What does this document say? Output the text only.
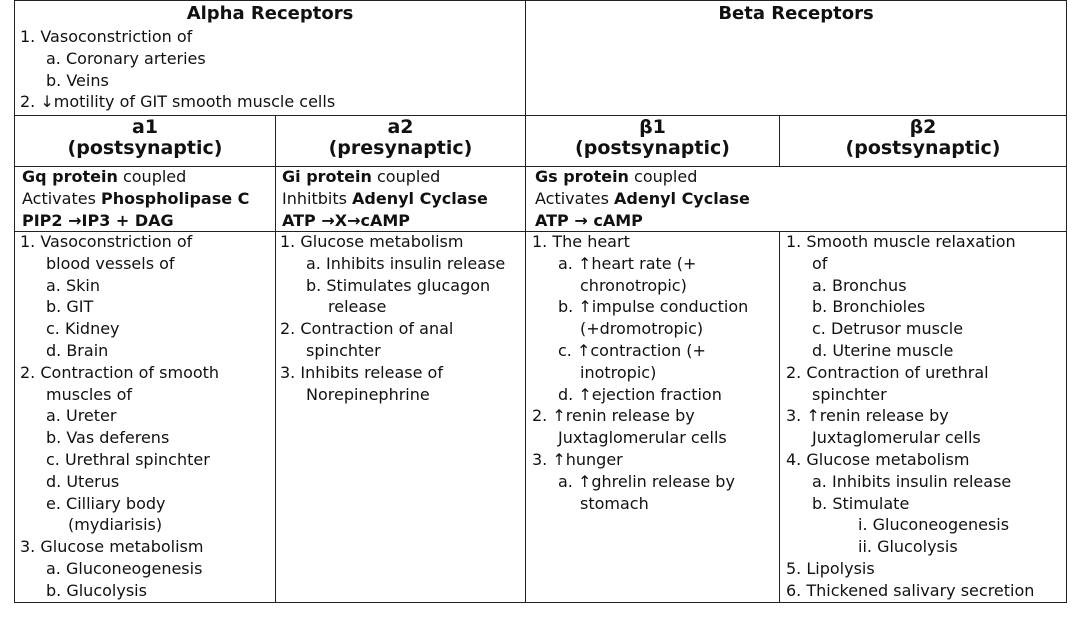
Alpha Receptors	Beta Receptors
1. Vasoconstriction of
a. Coronary arteries
b. Veins
2. ↓motility of GIT smooth muscle cells
a1
(postsynaptic)
a2
(presynaptic)
β1
(postsynaptic)
β2
(postsynaptic)
Gq protein coupled
Activates Phospholipase C
PIP2 →IP3 + DAG
Gi protein coupled
Inhitbits Adenyl Cyclase
ATP →X→cAMP
Gs protein coupled
Activates Adenyl Cyclase
ATP → cAMP
1. Vasoconstriction of
blood vessels of
a. Skin
b. GIT
c. Kidney
d. Brain
2. Contraction of smooth
muscles of
a. Ureter
b. Vas deferens
c. Urethral spinchter
d. Uterus
e. Cilliary body
(mydiarisis)
3. Glucose metabolism
a. Gluconeogenesis
b. Glucolysis
1. Glucose metabolism
a. Inhibits insulin release
b. Stimulates glucagon
release
2. Contraction of anal
spinchter
3. Inhibits release of
Norepinephrine
1. The heart
a. ↑heart rate (+
chronotropic)
b. ↑impulse conduction
(+dromotropic)
c. ↑contraction (+
inotropic)
d. ↑ejection fraction
2. ↑renin release by
Juxtaglomerular cells
3. ↑hunger
a. ↑ghrelin release by
stomach
1. Smooth muscle relaxation
of
a. Bronchus
b. Bronchioles
c. Detrusor muscle
d. Uterine muscle
2. Contraction of urethral
spinchter
3. ↑renin release by
Juxtaglomerular cells
4. Glucose metabolism
a. Inhibits insulin release
b. Stimulate
i. Gluconeogenesis
ii. Glucolysis
5. Lipolysis
6. Thickened salivary secretion
